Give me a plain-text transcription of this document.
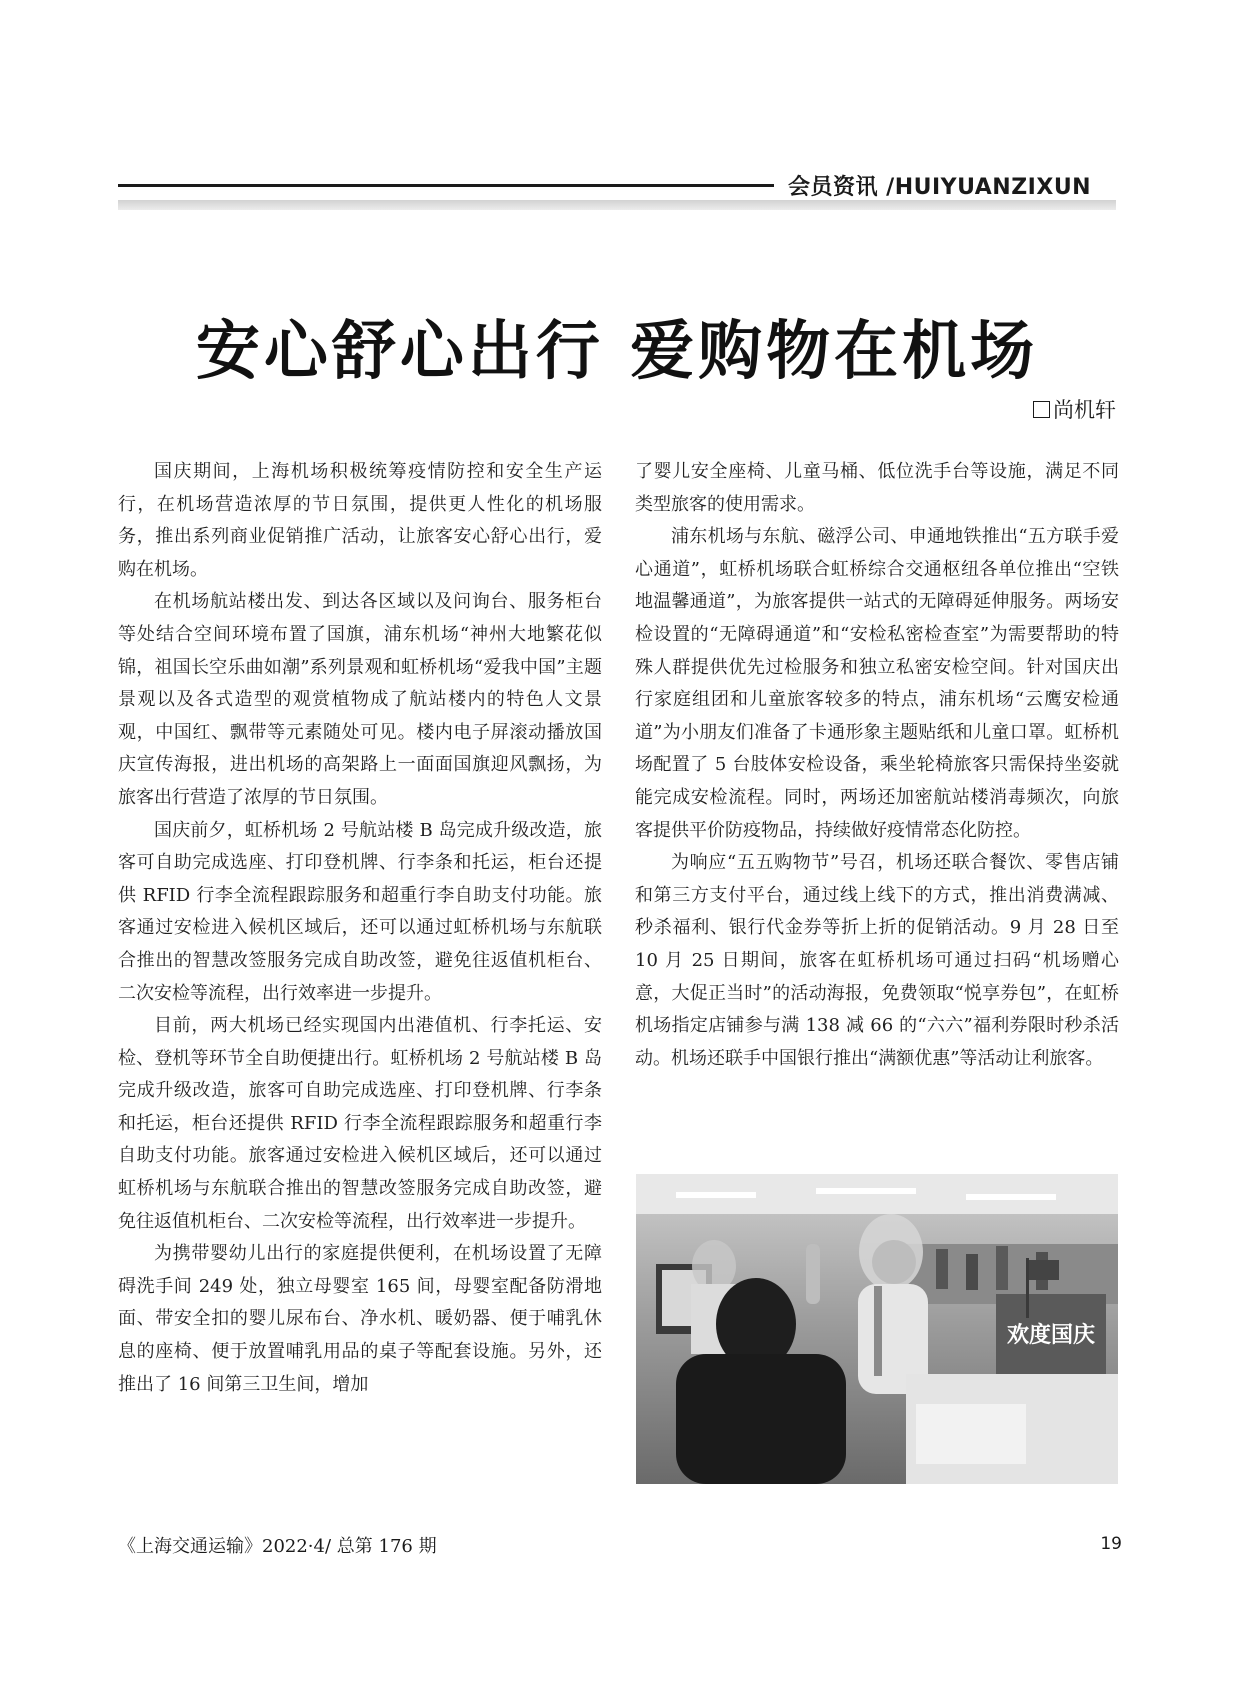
会员资讯 /HUIYUANZIXUN
安心舒心出行 爱购物在机场
尚机轩

国庆期间，上海机场积极统筹疫情防控和安全生产运行，在机场营造浓厚的节日氛围，提供更人性化的机场服务，推出系列商业促销推广活动，让旅客安心舒心出行，爱购在机场。

在机场航站楼出发、到达各区域以及问询台、服务柜台等处结合空间环境布置了国旗，浦东机场“神州大地繁花似锦，祖国长空乐曲如潮”系列景观和虹桥机场“爱我中国”主题景观以及各式造型的观赏植物成了航站楼内的特色人文景观，中国红、飘带等元素随处可见。楼内电子屏滚动播放国庆宣传海报，进出机场的高架路上一面面国旗迎风飘扬，为旅客出行营造了浓厚的节日氛围。

国庆前夕，虹桥机场 2 号航站楼 B 岛完成升级改造，旅客可自助完成选座、打印登机牌、行李条和托运，柜台还提供 RFID 行李全流程跟踪服务和超重行李自助支付功能。旅客通过安检进入候机区域后，还可以通过虹桥机场与东航联合推出的智慧改签服务完成自助改签，避免往返值机柜台、二次安检等流程，出行效率进一步提升。

目前，两大机场已经实现国内出港值机、行李托运、安检、登机等环节全自助便捷出行。虹桥机场 2 号航站楼 B 岛完成升级改造，旅客可自助完成选座、打印登机牌、行李条和托运，柜台还提供 RFID 行李全流程跟踪服务和超重行李自助支付功能。旅客通过安检进入候机区域后，还可以通过虹桥机场与东航联合推出的智慧改签服务完成自助改签，避免往返值机柜台、二次安检等流程，出行效率进一步提升。

为携带婴幼儿出行的家庭提供便利，在机场设置了无障碍洗手间 249 处，独立母婴室 165 间，母婴室配备防滑地面、带安全扣的婴儿尿布台、净水机、暖奶器、便于哺乳休息的座椅、便于放置哺乳用品的桌子等配套设施。另外，还推出了 16 间第三卫生间，增加

了婴儿安全座椅、儿童马桶、低位洗手台等设施，满足不同类型旅客的使用需求。

浦东机场与东航、磁浮公司、申通地铁推出“五方联手爱心通道”，虹桥机场联合虹桥综合交通枢纽各单位推出“空铁地温馨通道”，为旅客提供一站式的无障碍延伸服务。两场安检设置的“无障碍通道”和“安检私密检查室”为需要帮助的特殊人群提供优先过检服务和独立私密安检空间。针对国庆出行家庭组团和儿童旅客较多的特点，浦东机场“云鹰安检通道”为小朋友们准备了卡通形象主题贴纸和儿童口罩。虹桥机场配置了 5 台肢体安检设备，乘坐轮椅旅客只需保持坐姿就能完成安检流程。同时，两场还加密航站楼消毒频次，向旅客提供平价防疫物品，持续做好疫情常态化防控。

为响应“五五购物节”号召，机场还联合餐饮、零售店铺和第三方支付平台，通过线上线下的方式，推出消费满减、秒杀福利、银行代金券等折上折的促销活动。9 月 28 日至 10 月 25 日期间，旅客在虹桥机场可通过扫码“机场赠心意，大促正当时”的活动海报，免费领取“悦享券包”，在虹桥机场指定店铺参与满 138 减 66 的“六六”福利券限时秒杀活动。机场还联手中国银行推出“满额优惠”等活动让利旅客。

欢度国庆
《上海交通运输》2022·4/ 总第 176 期	19
